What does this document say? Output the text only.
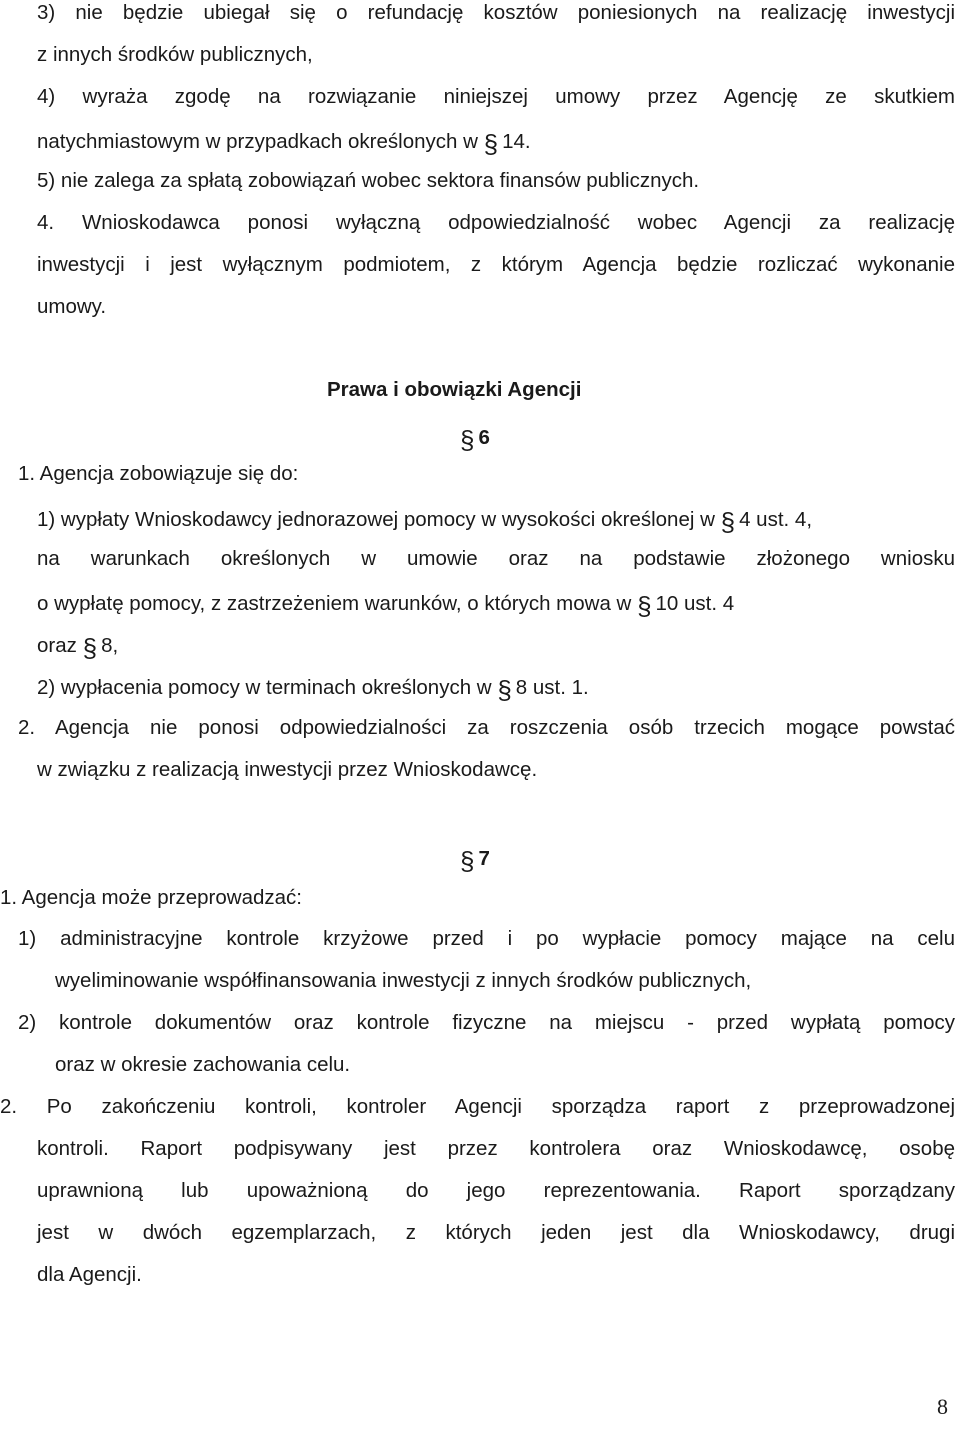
3) nie będzie ubiegał się o refundację kosztów poniesionych na realizację inwestycji
z innych środków publicznych,
4) wyraża zgodę na rozwiązanie niniejszej umowy przez Agencję ze skutkiem
natychmiastowym w przypadkach określonych w § 14.
5) nie zalega za spłatą zobowiązań wobec sektora finansów publicznych.
4. Wnioskodawca ponosi wyłączną odpowiedzialność wobec Agencji za realizację
inwestycji i jest wyłącznym podmiotem, z którym Agencja będzie rozliczać wykonanie
umowy.
Prawa i obowiązki Agencji
§ 6
1. Agencja zobowiązuje się do:
1) wypłaty Wnioskodawcy jednorazowej pomocy w wysokości określonej w § 4 ust. 4,
na warunkach określonych w umowie oraz na podstawie złożonego wniosku
o wypłatę pomocy, z zastrzeżeniem warunków, o których mowa w § 10 ust. 4
oraz § 8,
2) wypłacenia pomocy w terminach określonych w § 8 ust. 1.
2. Agencja nie ponosi odpowiedzialności za roszczenia osób trzecich mogące powstać
w związku z realizacją inwestycji przez Wnioskodawcę.
§ 7
1. Agencja może przeprowadzać:
1) administracyjne kontrole krzyżowe przed i po wypłacie pomocy mające na celu
wyeliminowanie współfinansowania inwestycji z innych środków publicznych,
2) kontrole dokumentów oraz kontrole fizyczne na miejscu - przed wypłatą pomocy
oraz w okresie zachowania celu.
2. Po zakończeniu kontroli, kontroler Agencji sporządza raport z przeprowadzonej
kontroli. Raport podpisywany jest przez kontrolera oraz Wnioskodawcę, osobę
uprawnioną lub upoważnioną do jego reprezentowania. Raport sporządzany
jest w dwóch egzemplarzach, z których jeden jest dla Wnioskodawcy, drugi
dla Agencji.
8
